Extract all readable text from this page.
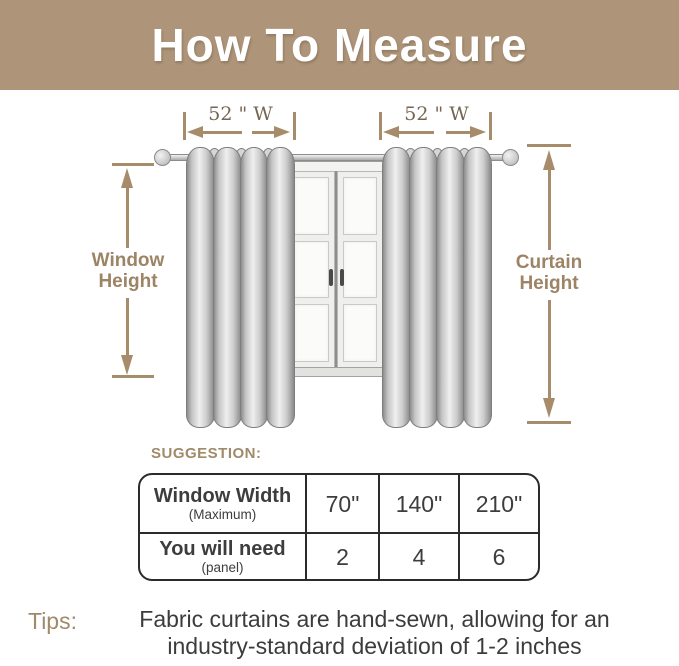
How To Measure
52 " W	52 " W
Window
Height
Curtain
Height
SUGGESTION:
Window Width
(Maximum)	70" 140" 210"
You will need
(panel)	2	4	6
Tips:	Fabric curtains are hand-sewn, allowing for an
industry-standard deviation of 1-2 inches
